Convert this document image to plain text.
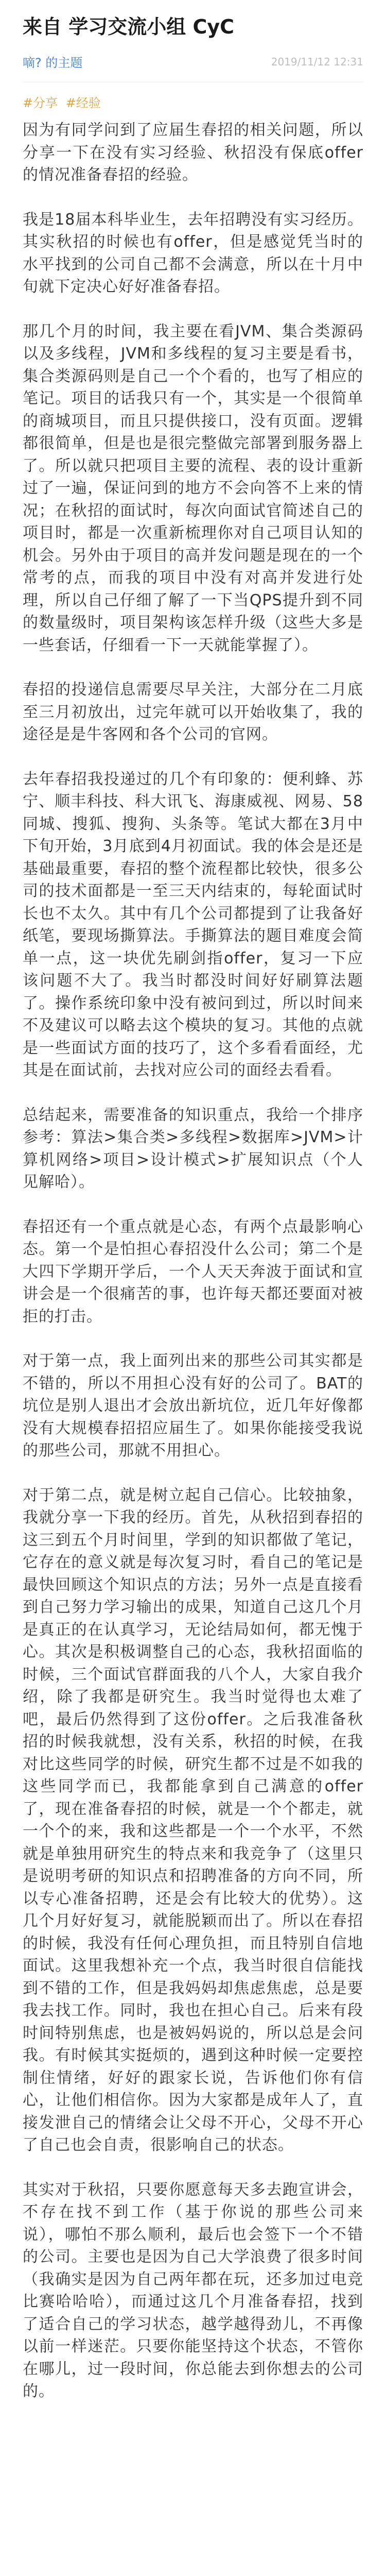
来自 学习交流小组 CyC
嘀? 的主题	2019/11/12 12:31
#分享 #经验

因为有同学问到了应届生春招的相关问题，所以分享一下在没有实习经验、秋招没有保底offer的情况准备春招的经验。

我是18届本科毕业生，去年招聘没有实习经历。其实秋招的时候也有offer，但是感觉凭当时的水平找到的公司自己都不会满意，所以在十月中旬就下定决心好好准备春招。

那几个月的时间，我主要在看JVM、集合类源码以及多线程，JVM和多线程的复习主要是看书，集合类源码则是自己一个个看的，也写了相应的笔记。项目的话我只有一个，其实是一个很简单的商城项目，而且只提供接口，没有页面。逻辑都很简单，但是也是很完整做完部署到服务器上了。所以就只把项目主要的流程、表的设计重新过了一遍，保证问到的地方不会向答不上来的情况；在秋招的面试时，每次向面试官简述自己的项目时，都是一次重新梳理你对自己项目认知的机会。另外由于项目的高并发问题是现在的一个常考的点，而我的项目中没有对高并发进行处理，所以自己仔细了解了一下当QPS提升到不同的数量级时，项目架构该怎样升级（这些大多是一些套话，仔细看一下一天就能掌握了）。

春招的投递信息需要尽早关注，大部分在二月底至三月初放出，过完年就可以开始收集了，我的途径是是牛客网和各个公司的官网。

去年春招我投递过的几个有印象的：便利蜂、苏宁、顺丰科技、科大讯飞、海康威视、网易、58同城、搜狐、搜狗、头条等。笔试大都在3月中下旬开始，3月底到4月初面试。我的体会是还是基础最重要，春招的整个流程都比较快，很多公司的技术面都是一至三天内结束的，每轮面试时长也不太久。其中有几个公司都提到了让我备好纸笔，要现场撕算法。手撕算法的题目难度会简单一点，这一块优先刷剑指offer，复习一下应该问题不大了。我当时都没时间好好刷算法题了。操作系统印象中没有被问到过，所以时间来不及建议可以略去这个模块的复习。其他的点就是一些面试方面的技巧了，这个多看看面经，尤其是在面试前，去找对应公司的面经去看看。

总结起来，需要准备的知识重点，我给一个排序参考：算法>集合类>多线程>数据库>JVM>计算机网络>项目>设计模式>扩展知识点（个人见解哈）。

春招还有一个重点就是心态，有两个点最影响心态。第一个是怕担心春招没什么公司；第二个是大四下学期开学后，一个人天天奔波于面试和宣讲会是一个很痛苦的事，也许每天都还要面对被拒的打击。

对于第一点，我上面列出来的那些公司其实都是不错的，所以不用担心没有好的公司了。BAT的坑位是别人退出才会放出新坑位，近几年好像都没有大规模春招招应届生了。如果你能接受我说的那些公司，那就不用担心。

对于第二点，就是树立起自己信心。比较抽象，我就分享一下我的经历。首先，从秋招到春招的这三到五个月时间里，学到的知识都做了笔记，它存在的意义就是每次复习时，看自己的笔记是最快回顾这个知识点的方法；另外一点是直接看到自己努力学习输出的成果，知道自己这几个月是真正的在认真学习，无论结局如何，都无愧于心。其次是积极调整自己的心态，我秋招面临的时候，三个面试官群面我的八个人，大家自我介绍，除了我都是研究生。我当时觉得也太难了吧，最后仍然得到了这份offer。之后我准备秋招的时候我就想，没有关系，秋招的时候，在我对比这些同学的时候，研究生都不过是不如我的这些同学而已，我都能拿到自己满意的offer了，现在准备春招的时候，就是一个个都走，就一个个的来，我和这些都是一个一个水平，不然就是单独用研究生的特点来和我竞争了（这里只是说明考研的知识点和招聘准备的方向不同，所以专心准备招聘，还是会有比较大的优势）。这几个月好好复习，就能脱颖而出了。所以在春招的时候，我没有任何心理负担，而且特别自信地面试。这里我想补充一个点，我当时很自信能找到不错的工作，但是我妈妈却焦虑焦虑，总是要我去找工作。同时，我也在担心自己。后来有段时间特别焦虑，也是被妈妈说的，所以总是会问我。有时候其实挺烦的，遇到这种时候一定要控制住情绪，好好的跟家长说，告诉他们你有信心，让他们相信你。因为大家都是成年人了，直接发泄自己的情绪会让父母不开心，父母不开心了自己也会自责，很影响自己的状态。

其实对于秋招，只要你愿意每天多去跑宣讲会，不存在找不到工作（基于你说的那些公司来说），哪怕不那么顺利，最后也会签下一个不错的公司。主要也是因为自己大学浪费了很多时间（我确实是因为自己两年都在玩，还多加过电竞比赛哈哈哈），而通过这几个月准备春招，找到了适合自己的学习状态，越学越得劲儿，不再像以前一样迷茫。只要你能坚持这个状态，不管你在哪儿，过一段时间，你总能去到你想去的公司的。
